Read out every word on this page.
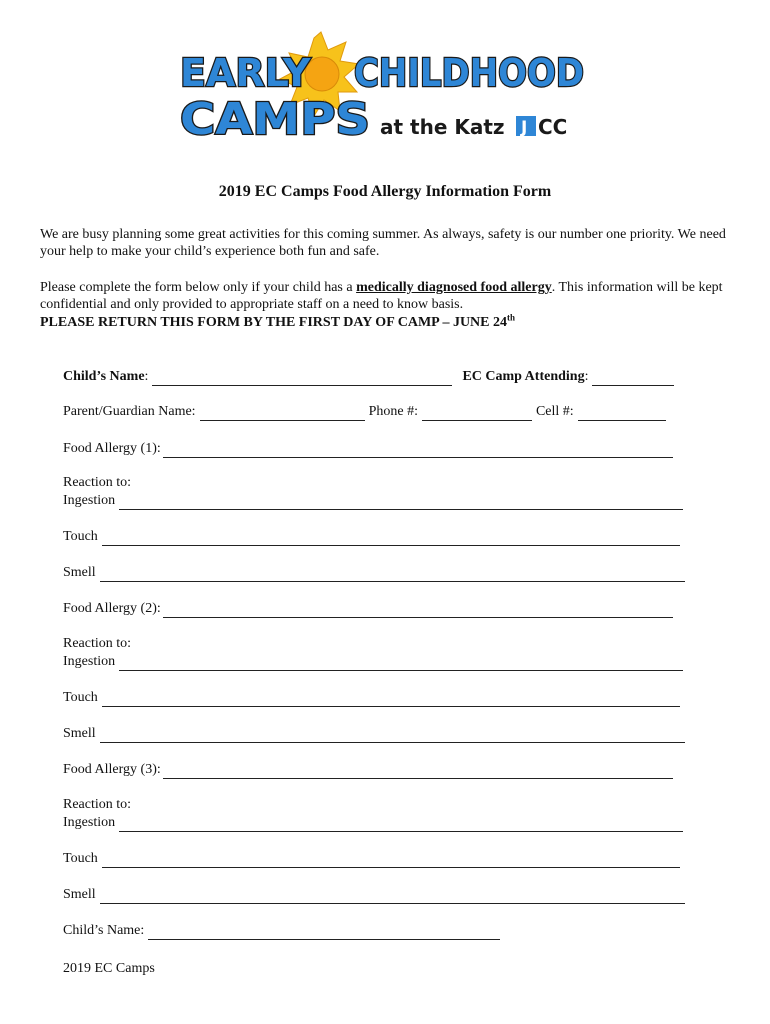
EARLY CHILDHOOD
CAMPS at the Katz J CC
2019 EC Camps Food Allergy Information Form

We are busy planning some great activities for this coming summer. As always, safety is our number one priority. We need your help to make your child’s experience both fun and safe.

Please complete the form below only if your child has a medically diagnosed food allergy. This information will be kept confidential and only provided to appropriate staff on a need to know basis.

PLEASE RETURN THIS FORM BY THE FIRST DAY OF CAMP – JUNE 24th

Child’s Name :	EC Camp Attending :
Parent/Guardian Name:	Phone #:	Cell #:
Food Allergy (1):
Reaction to:
Ingestion
Touch
Smell
Food Allergy (2):
Reaction to:
Ingestion
Touch
Smell
Food Allergy (3):
Reaction to:
Ingestion
Touch
Smell
Child’s Name:
2019 EC Camps
